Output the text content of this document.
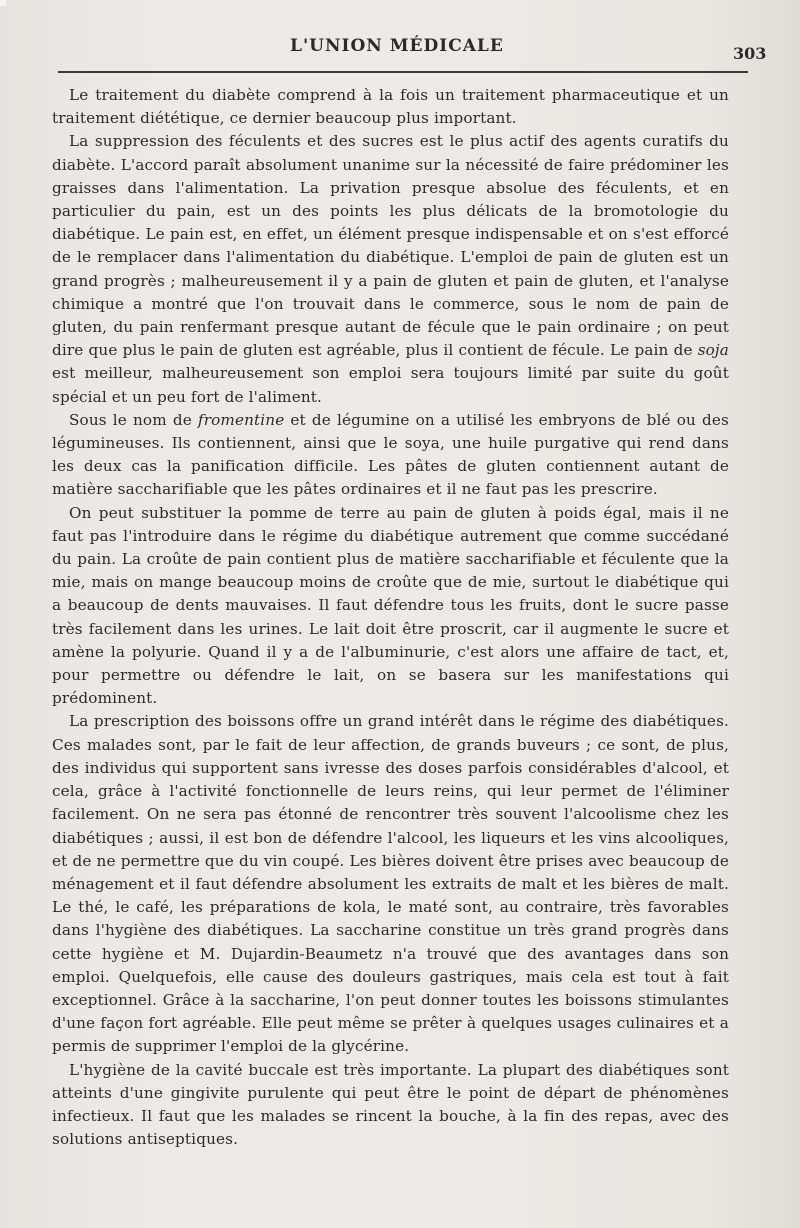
L'UNION MÉDICALE	303

Le traitement du diabète comprend à la fois un traitement pharmaceutique et un traitement diététique, ce dernier beaucoup plus important.

La suppression des féculents et des sucres est le plus actif des agents curatifs du diabète. L'accord paraît absolument unanime sur la nécessité de faire prédominer les graisses dans l'alimentation. La privation presque absolue des féculents, et en particulier du pain, est un des points les plus délicats de la bromotologie du diabétique. Le pain est, en effet, un élément presque indispensable et on s'est efforcé de le remplacer dans l'alimentation du diabétique. L'emploi de pain de gluten est un grand progrès ; malheureusement il y a pain de gluten et pain de gluten, et l'analyse chimique a montré que l'on trouvait dans le commerce, sous le nom de pain de gluten, du pain renfermant presque autant de fécule que le pain ordinaire ; on peut dire que plus le pain de gluten est agréable, plus il contient de fécule. Le pain de soja est meilleur, malheureusement son emploi sera toujours limité par suite du goût spécial et un peu fort de l'aliment.

Sous le nom de fromentine et de légumine on a utilisé les embryons de blé ou des légumineuses. Ils contiennent, ainsi que le soya, une huile purgative qui rend dans les deux cas la panification difficile. Les pâtes de gluten contiennent autant de matière saccharifiable que les pâtes ordinaires et il ne faut pas les prescrire.

On peut substituer la pomme de terre au pain de gluten à poids égal, mais il ne faut pas l'introduire dans le régime du diabétique autrement que comme succédané du pain. La croûte de pain contient plus de matière saccharifiable et féculente que la mie, mais on mange beaucoup moins de croûte que de mie, surtout le diabétique qui a beaucoup de dents mauvaises. Il faut défendre tous les fruits, dont le sucre passe très facilement dans les urines. Le lait doit être proscrit, car il augmente le sucre et amène la polyurie. Quand il y a de l'albuminurie, c'est alors une affaire de tact, et, pour permettre ou défendre le lait, on se basera sur les manifestations qui prédominent.

La prescription des boissons offre un grand intérêt dans le régime des diabétiques. Ces malades sont, par le fait de leur affection, de grands buveurs ; ce sont, de plus, des individus qui supportent sans ivresse des doses parfois considérables d'alcool, et cela, grâce à l'activité fonctionnelle de leurs reins, qui leur permet de l'éliminer facilement. On ne sera pas étonné de rencontrer très souvent l'alcoolisme chez les diabétiques ; aussi, il est bon de défendre l'alcool, les liqueurs et les vins alcooliques, et de ne permettre que du vin coupé. Les bières doivent être prises avec beaucoup de ménagement et il faut défendre absolument les extraits de malt et les bières de malt. Le thé, le café, les préparations de kola, le maté sont, au contraire, très favorables dans l'hygiène des diabétiques. La saccharine constitue un très grand progrès dans cette hygiène et M. Dujardin-Beaumetz n'a trouvé que des avantages dans son emploi. Quelquefois, elle cause des douleurs gastriques, mais cela est tout à fait exceptionnel. Grâce à la saccharine, l'on peut donner toutes les boissons stimulantes d'une façon fort agréable. Elle peut même se prêter à quelques usages culinaires et a permis de supprimer l'emploi de la glycérine.

L'hygiène de la cavité buccale est très importante. La plupart des diabétiques sont atteints d'une gingivite purulente qui peut être le point de départ de phénomènes infectieux. Il faut que les malades se rincent la bouche, à la fin des repas, avec des solutions antiseptiques.
